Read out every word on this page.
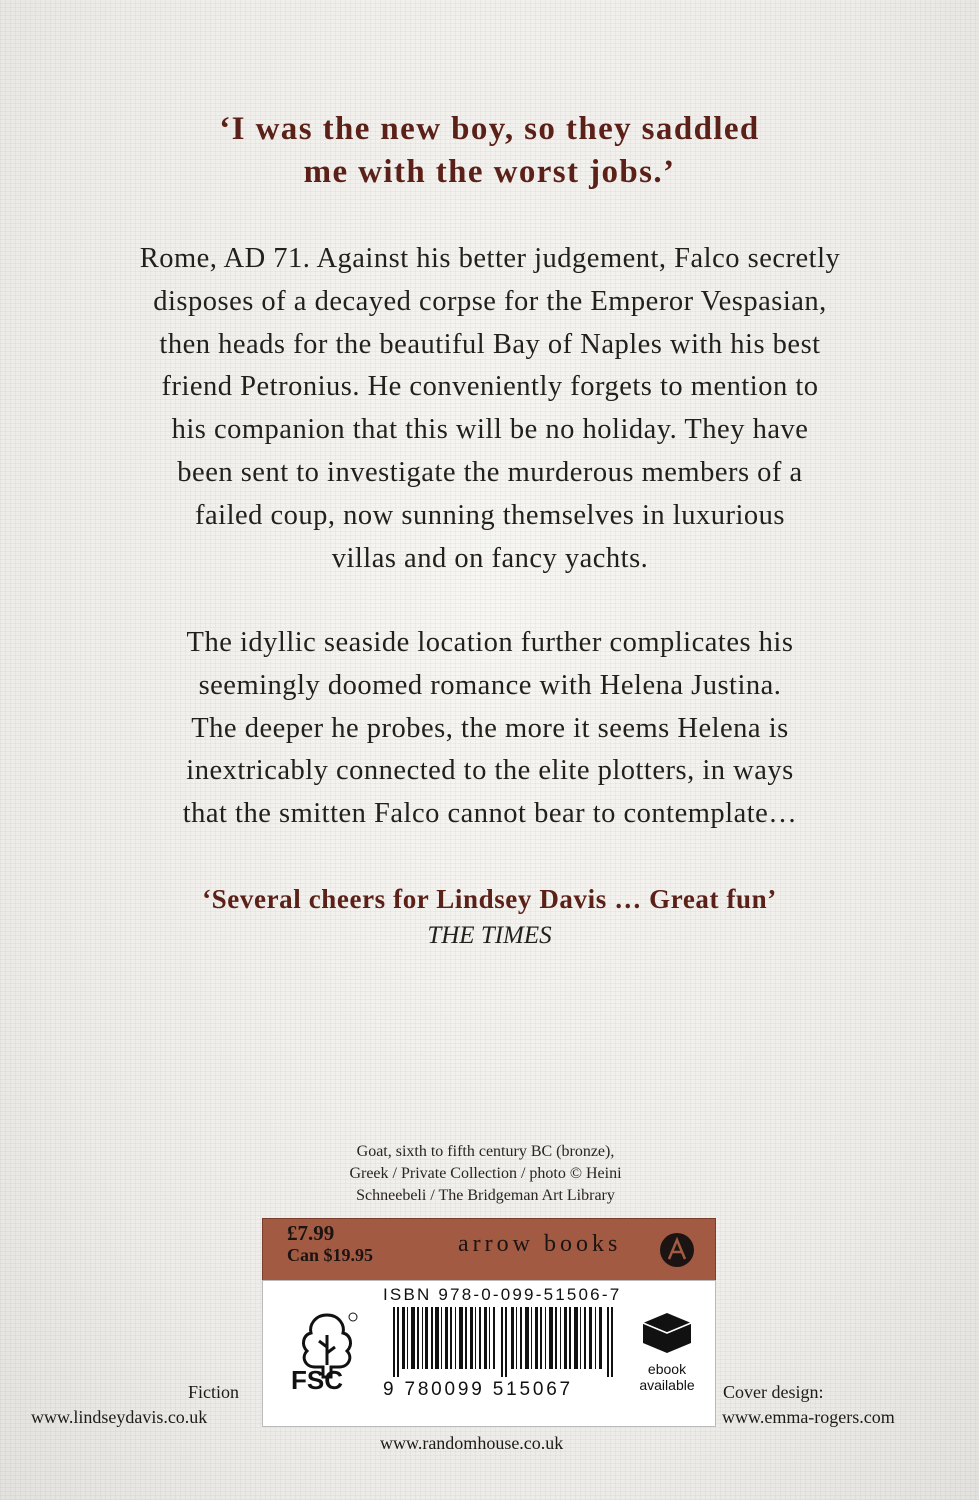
‘I was the new boy, so they saddled
me with the worst jobs.’
Rome, AD 71. Against his better judgement, Falco secretly
disposes of a decayed corpse for the Emperor Vespasian,
then heads for the beautiful Bay of Naples with his best
friend Petronius. He conveniently forgets to mention to
his companion that this will be no holiday. They have
been sent to investigate the murderous members of a
failed coup, now sunning themselves in luxurious
villas and on fancy yachts.
The idyllic seaside location further complicates his
seemingly doomed romance with Helena Justina.
The deeper he probes, the more it seems Helena is
inextricably connected to the elite plotters, in ways
that the smitten Falco cannot bear to contemplate…
‘Several cheers for Lindsey Davis … Great fun’
THE TIMES
Goat, sixth to fifth century BC (bronze),
Greek / Private Collection / photo © Heini
Schneebeli / The Bridgeman Art Library
£7.99
Can $19.95	arrow books
ISBN 978-0-099-51506-7
FSC 9 780099 515067
e
ebook
available
Fiction
www.lindseydavis.co.uk
Cover design:
www.emma-rogers.com
www.randomhouse.co.uk
